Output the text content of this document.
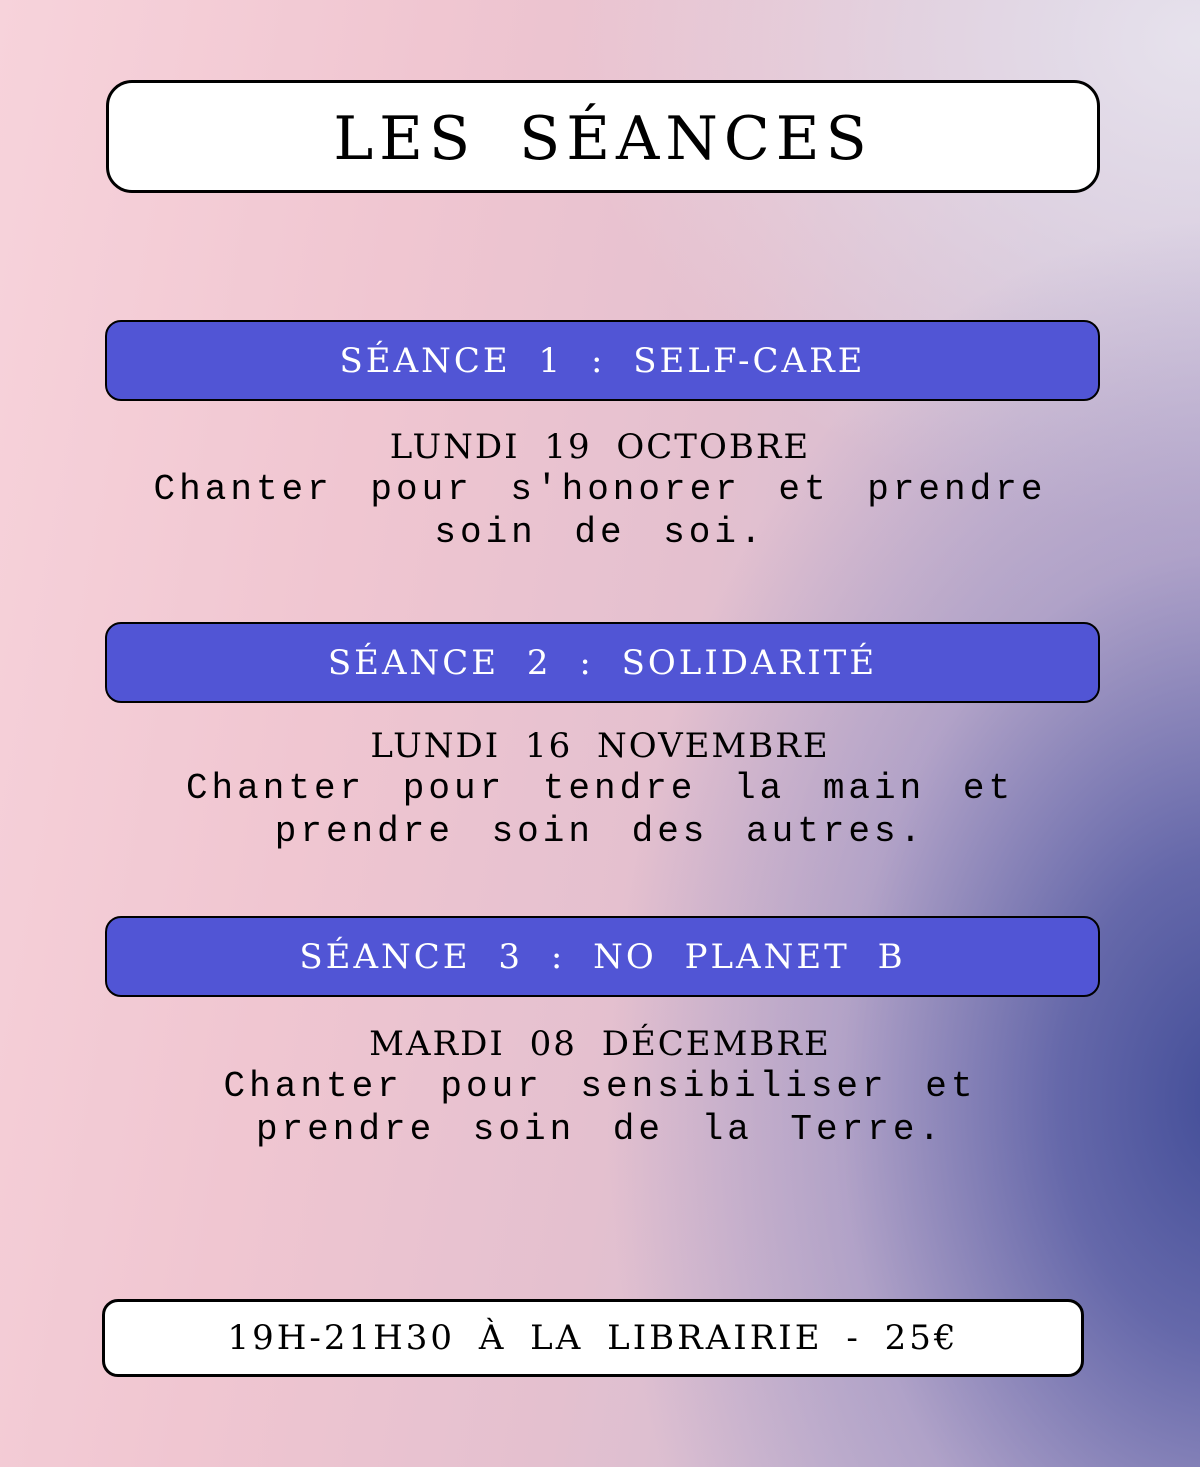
LES SÉANCES
SÉANCE 1 : SELF-CARE
LUNDI 19 OCTOBRE
Chanter pour s'honorer et prendre soin de soi.
SÉANCE 2 : SOLIDARITÉ
LUNDI 16 NOVEMBRE
Chanter pour tendre la main et prendre soin des autres.
SÉANCE 3 : NO PLANET B
MARDI 08 DÉCEMBRE
Chanter pour sensibiliser et prendre soin de la Terre.
19H-21H30 À LA LIBRAIRIE - 25€
